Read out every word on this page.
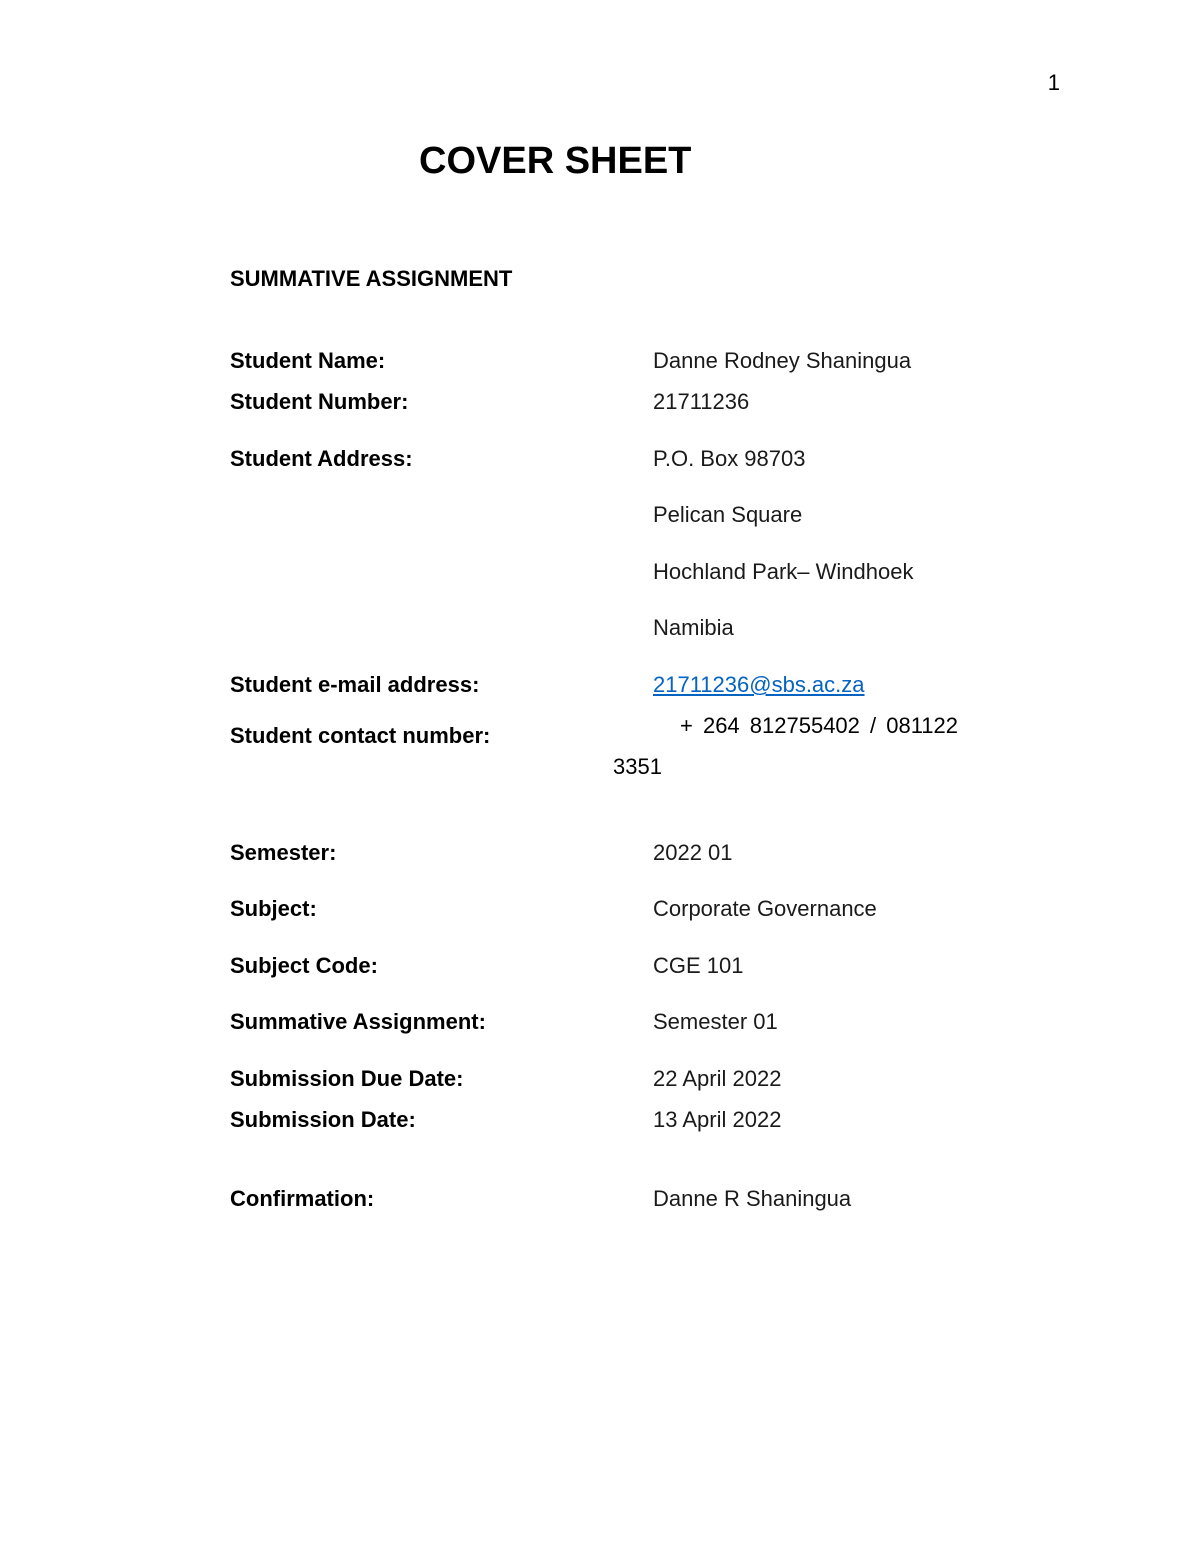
1
COVER SHEET
SUMMATIVE ASSIGNMENT
Student Name:	Danne Rodney Shaningua
Student Number:	21711236
Student Address:	P.O. Box 98703
Pelican Square
Hochland Park– Windhoek
Namibia
Student e-mail address:	21711236@sbs.ac.za
Student contact number:	+ 264 812755402 / 081122
3351
Semester:	2022 01
Subject:	Corporate Governance
Subject Code:	CGE 101
Summative Assignment:	Semester 01
Submission Due Date:	22 April 2022
Submission Date:	13 April 2022
Confirmation:	Danne R Shaningua
